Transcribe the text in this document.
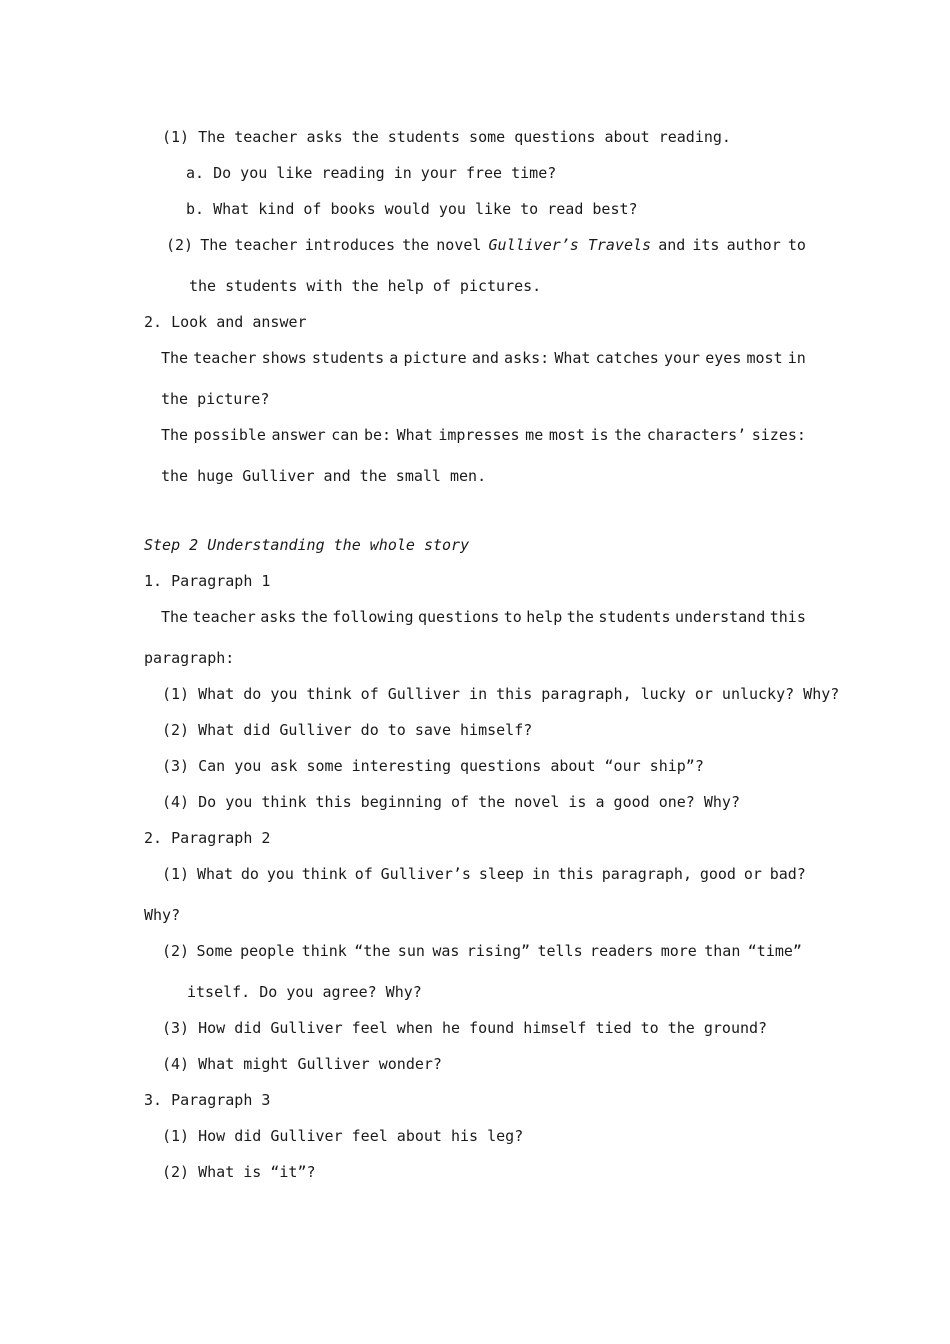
(1) The teacher asks the students some questions about reading.
a. Do you like reading in your free time?
b. What kind of books would you like to read best?
(2) The teacher introduces the novel Gulliver’s Travels and its author to
the students with the help of pictures.
2. Look and answer
The teacher shows students a picture and asks: What catches your eyes most in
the picture?
The possible answer can be: What impresses me most is the characters’ sizes:
the huge Gulliver and the small men.
Step 2 Understanding the whole story
1. Paragraph 1
The teacher asks the following questions to help the students understand this
paragraph:
(1) What do you think of Gulliver in this paragraph, lucky or unlucky? Why?
(2) What did Gulliver do to save himself?
(3) Can you ask some interesting questions about “our ship”?
(4) Do you think this beginning of the novel is a good one? Why?
2. Paragraph 2
(1) What do you think of Gulliver’s sleep in this paragraph, good or bad?
Why?
(2) Some people think “the sun was rising” tells readers more than “time”
itself. Do you agree? Why?
(3) How did Gulliver feel when he found himself tied to the ground?
(4) What might Gulliver wonder?
3. Paragraph 3
(1) How did Gulliver feel about his leg?
(2) What is “it”?
